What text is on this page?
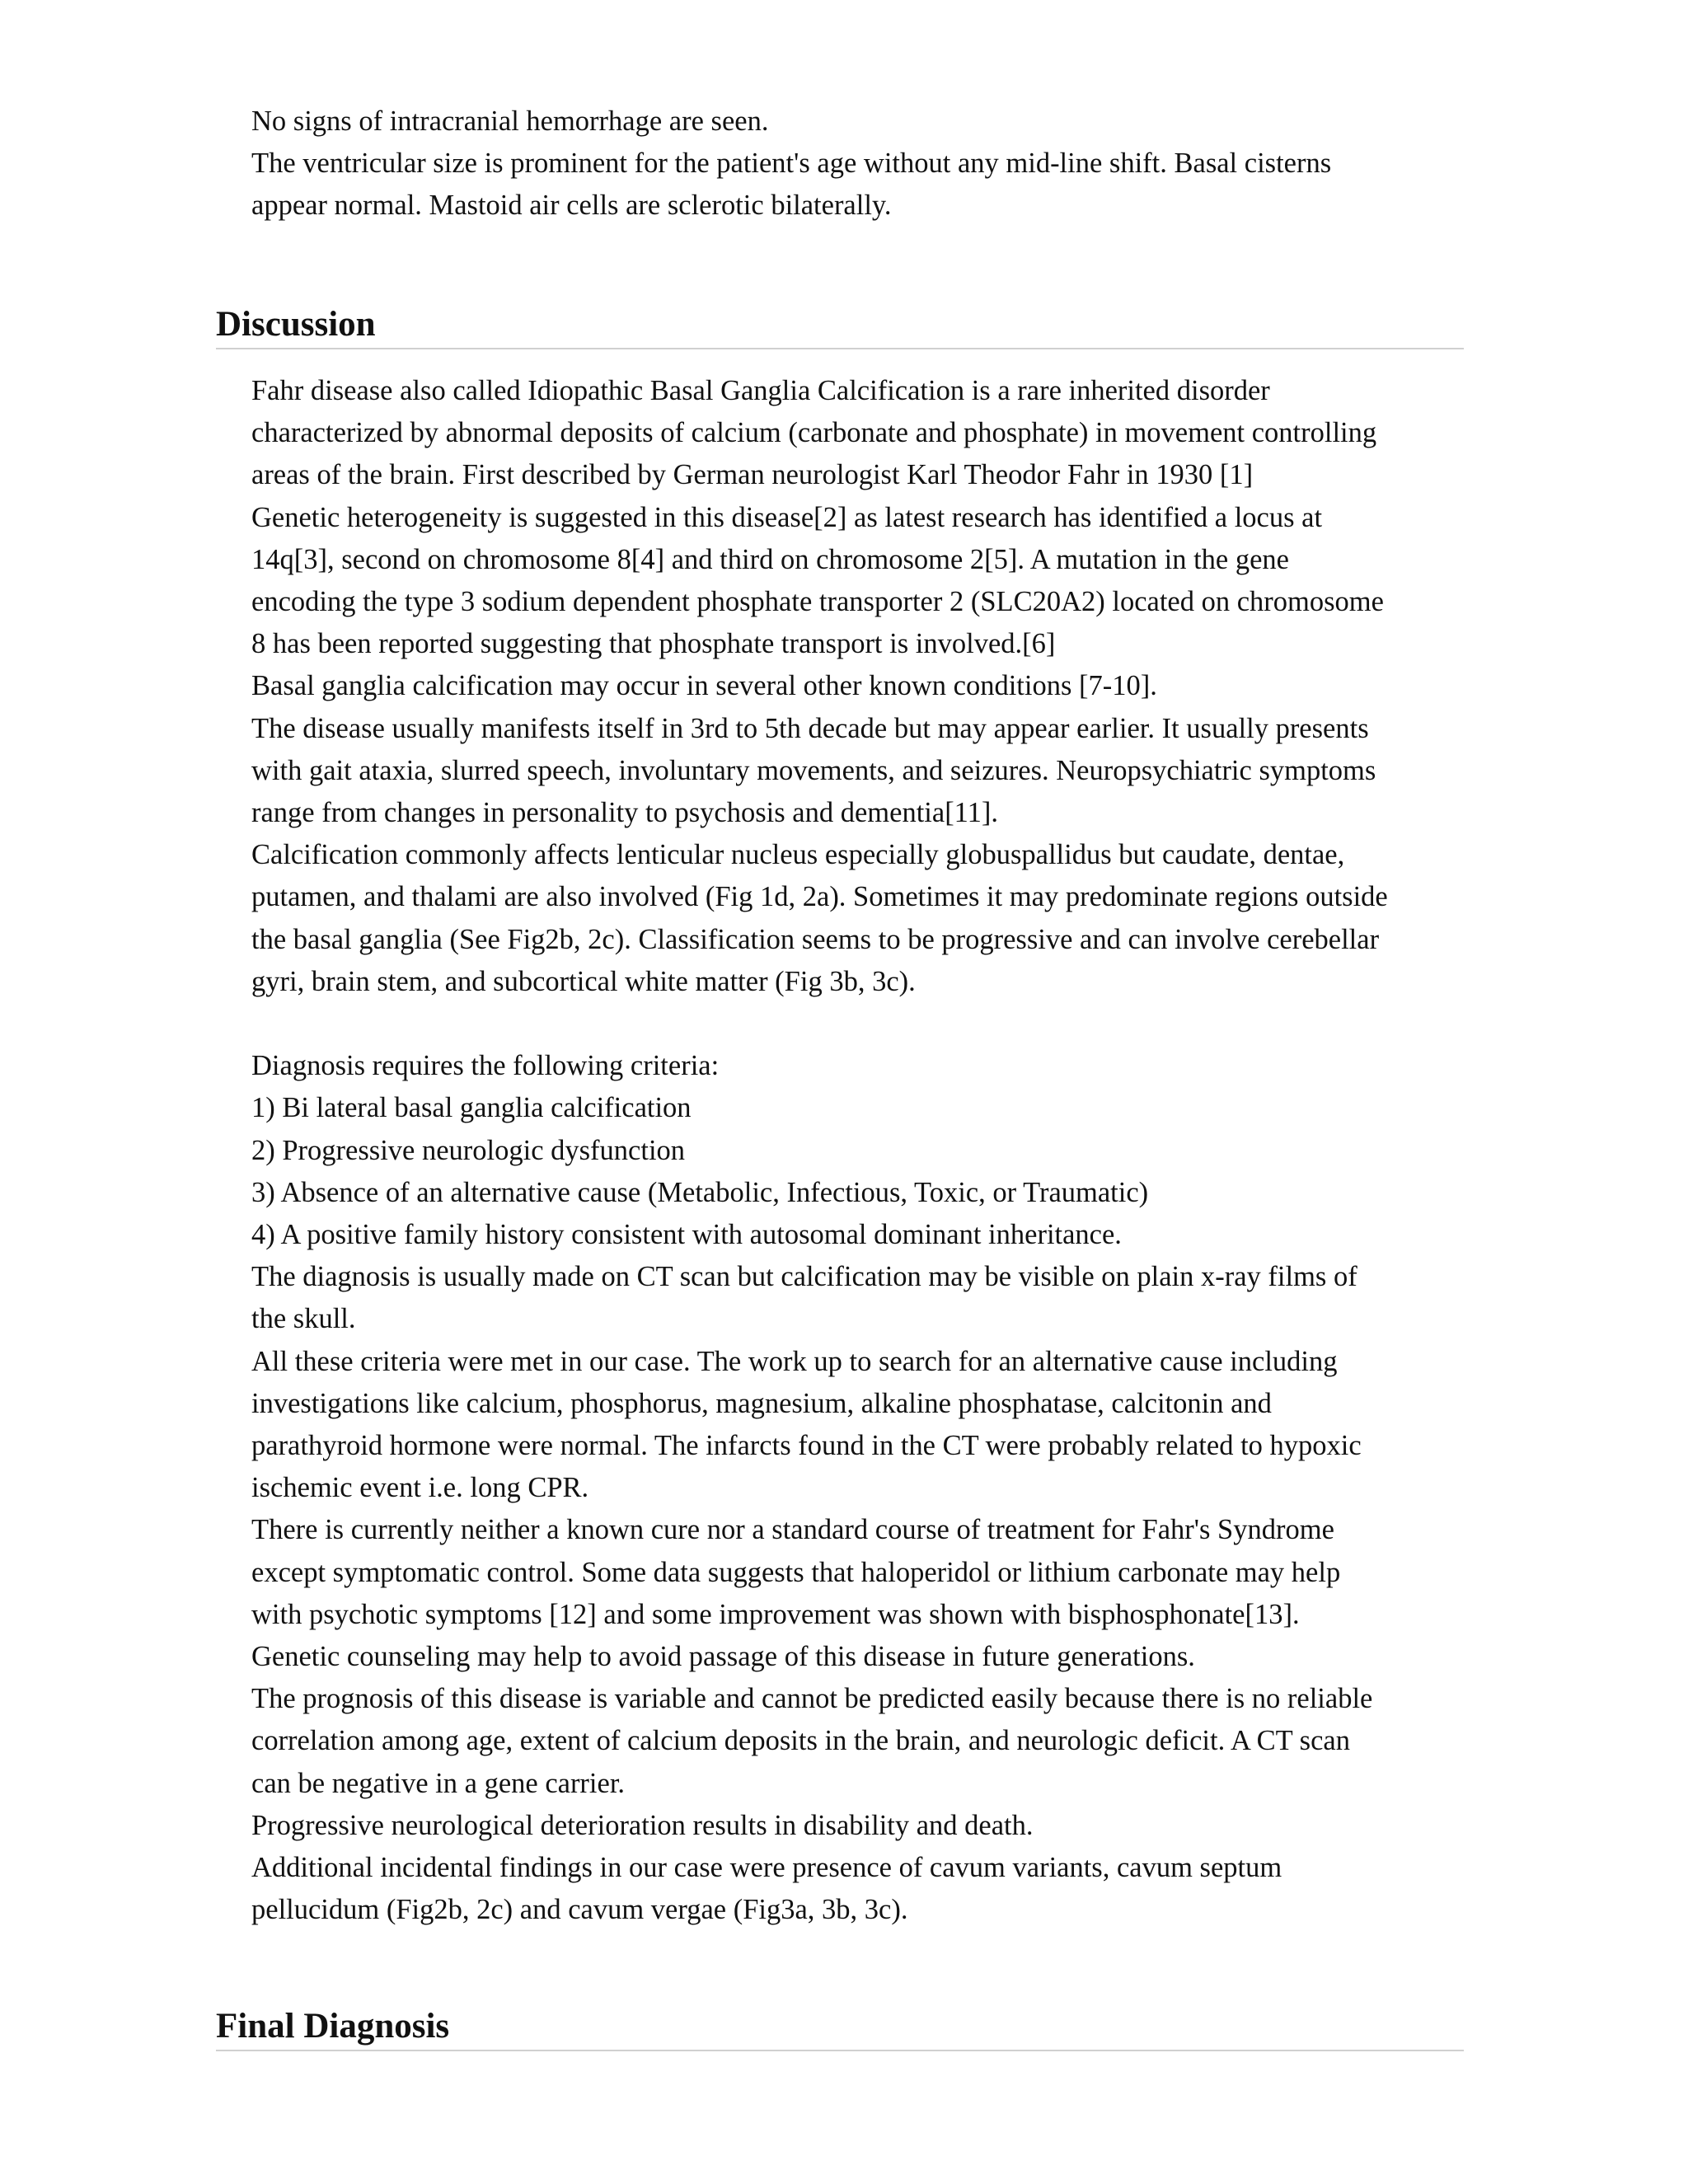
No signs of intracranial hemorrhage are seen.
The ventricular size is prominent for the patient's age without any mid-line shift. Basal cisterns
appear normal. Mastoid air cells are sclerotic bilaterally.
Discussion
Fahr disease also called Idiopathic Basal Ganglia Calcification is a rare inherited disorder
characterized by abnormal deposits of calcium (carbonate and phosphate) in movement controlling
areas of the brain. First described by German neurologist Karl Theodor Fahr in 1930 [1]
Genetic heterogeneity is suggested in this disease[2] as latest research has identified a locus at
14q[3], second on chromosome 8[4] and third on chromosome 2[5]. A mutation in the gene
encoding the type 3 sodium dependent phosphate transporter 2 (SLC20A2) located on chromosome
8 has been reported suggesting that phosphate transport is involved.[6]
Basal ganglia calcification may occur in several other known conditions [7-10].
The disease usually manifests itself in 3rd to 5th decade but may appear earlier. It usually presents
with gait ataxia, slurred speech, involuntary movements, and seizures. Neuropsychiatric symptoms
range from changes in personality to psychosis and dementia[11].
Calcification commonly affects lenticular nucleus especially globuspallidus but caudate, dentae,
putamen, and thalami are also involved (Fig 1d, 2a). Sometimes it may predominate regions outside
the basal ganglia (See Fig2b, 2c). Classification seems to be progressive and can involve cerebellar
gyri, brain stem, and subcortical white matter (Fig 3b, 3c).
Diagnosis requires the following criteria:
1) Bi lateral basal ganglia calcification
2) Progressive neurologic dysfunction
3) Absence of an alternative cause (Metabolic, Infectious, Toxic, or Traumatic)
4) A positive family history consistent with autosomal dominant inheritance.
The diagnosis is usually made on CT scan but calcification may be visible on plain x-ray films of
the skull.
All these criteria were met in our case. The work up to search for an alternative cause including
investigations like calcium, phosphorus, magnesium, alkaline phosphatase, calcitonin and
parathyroid hormone were normal. The infarcts found in the CT were probably related to hypoxic
ischemic event i.e. long CPR.
There is currently neither a known cure nor a standard course of treatment for Fahr's Syndrome
except symptomatic control. Some data suggests that haloperidol or lithium carbonate may help
with psychotic symptoms [12] and some improvement was shown with bisphosphonate[13].
Genetic counseling may help to avoid passage of this disease in future generations.
The prognosis of this disease is variable and cannot be predicted easily because there is no reliable
correlation among age, extent of calcium deposits in the brain, and neurologic deficit. A CT scan
can be negative in a gene carrier.
Progressive neurological deterioration results in disability and death.
Additional incidental findings in our case were presence of cavum variants, cavum septum
pellucidum (Fig2b, 2c) and cavum vergae (Fig3a, 3b, 3c).
Final Diagnosis
